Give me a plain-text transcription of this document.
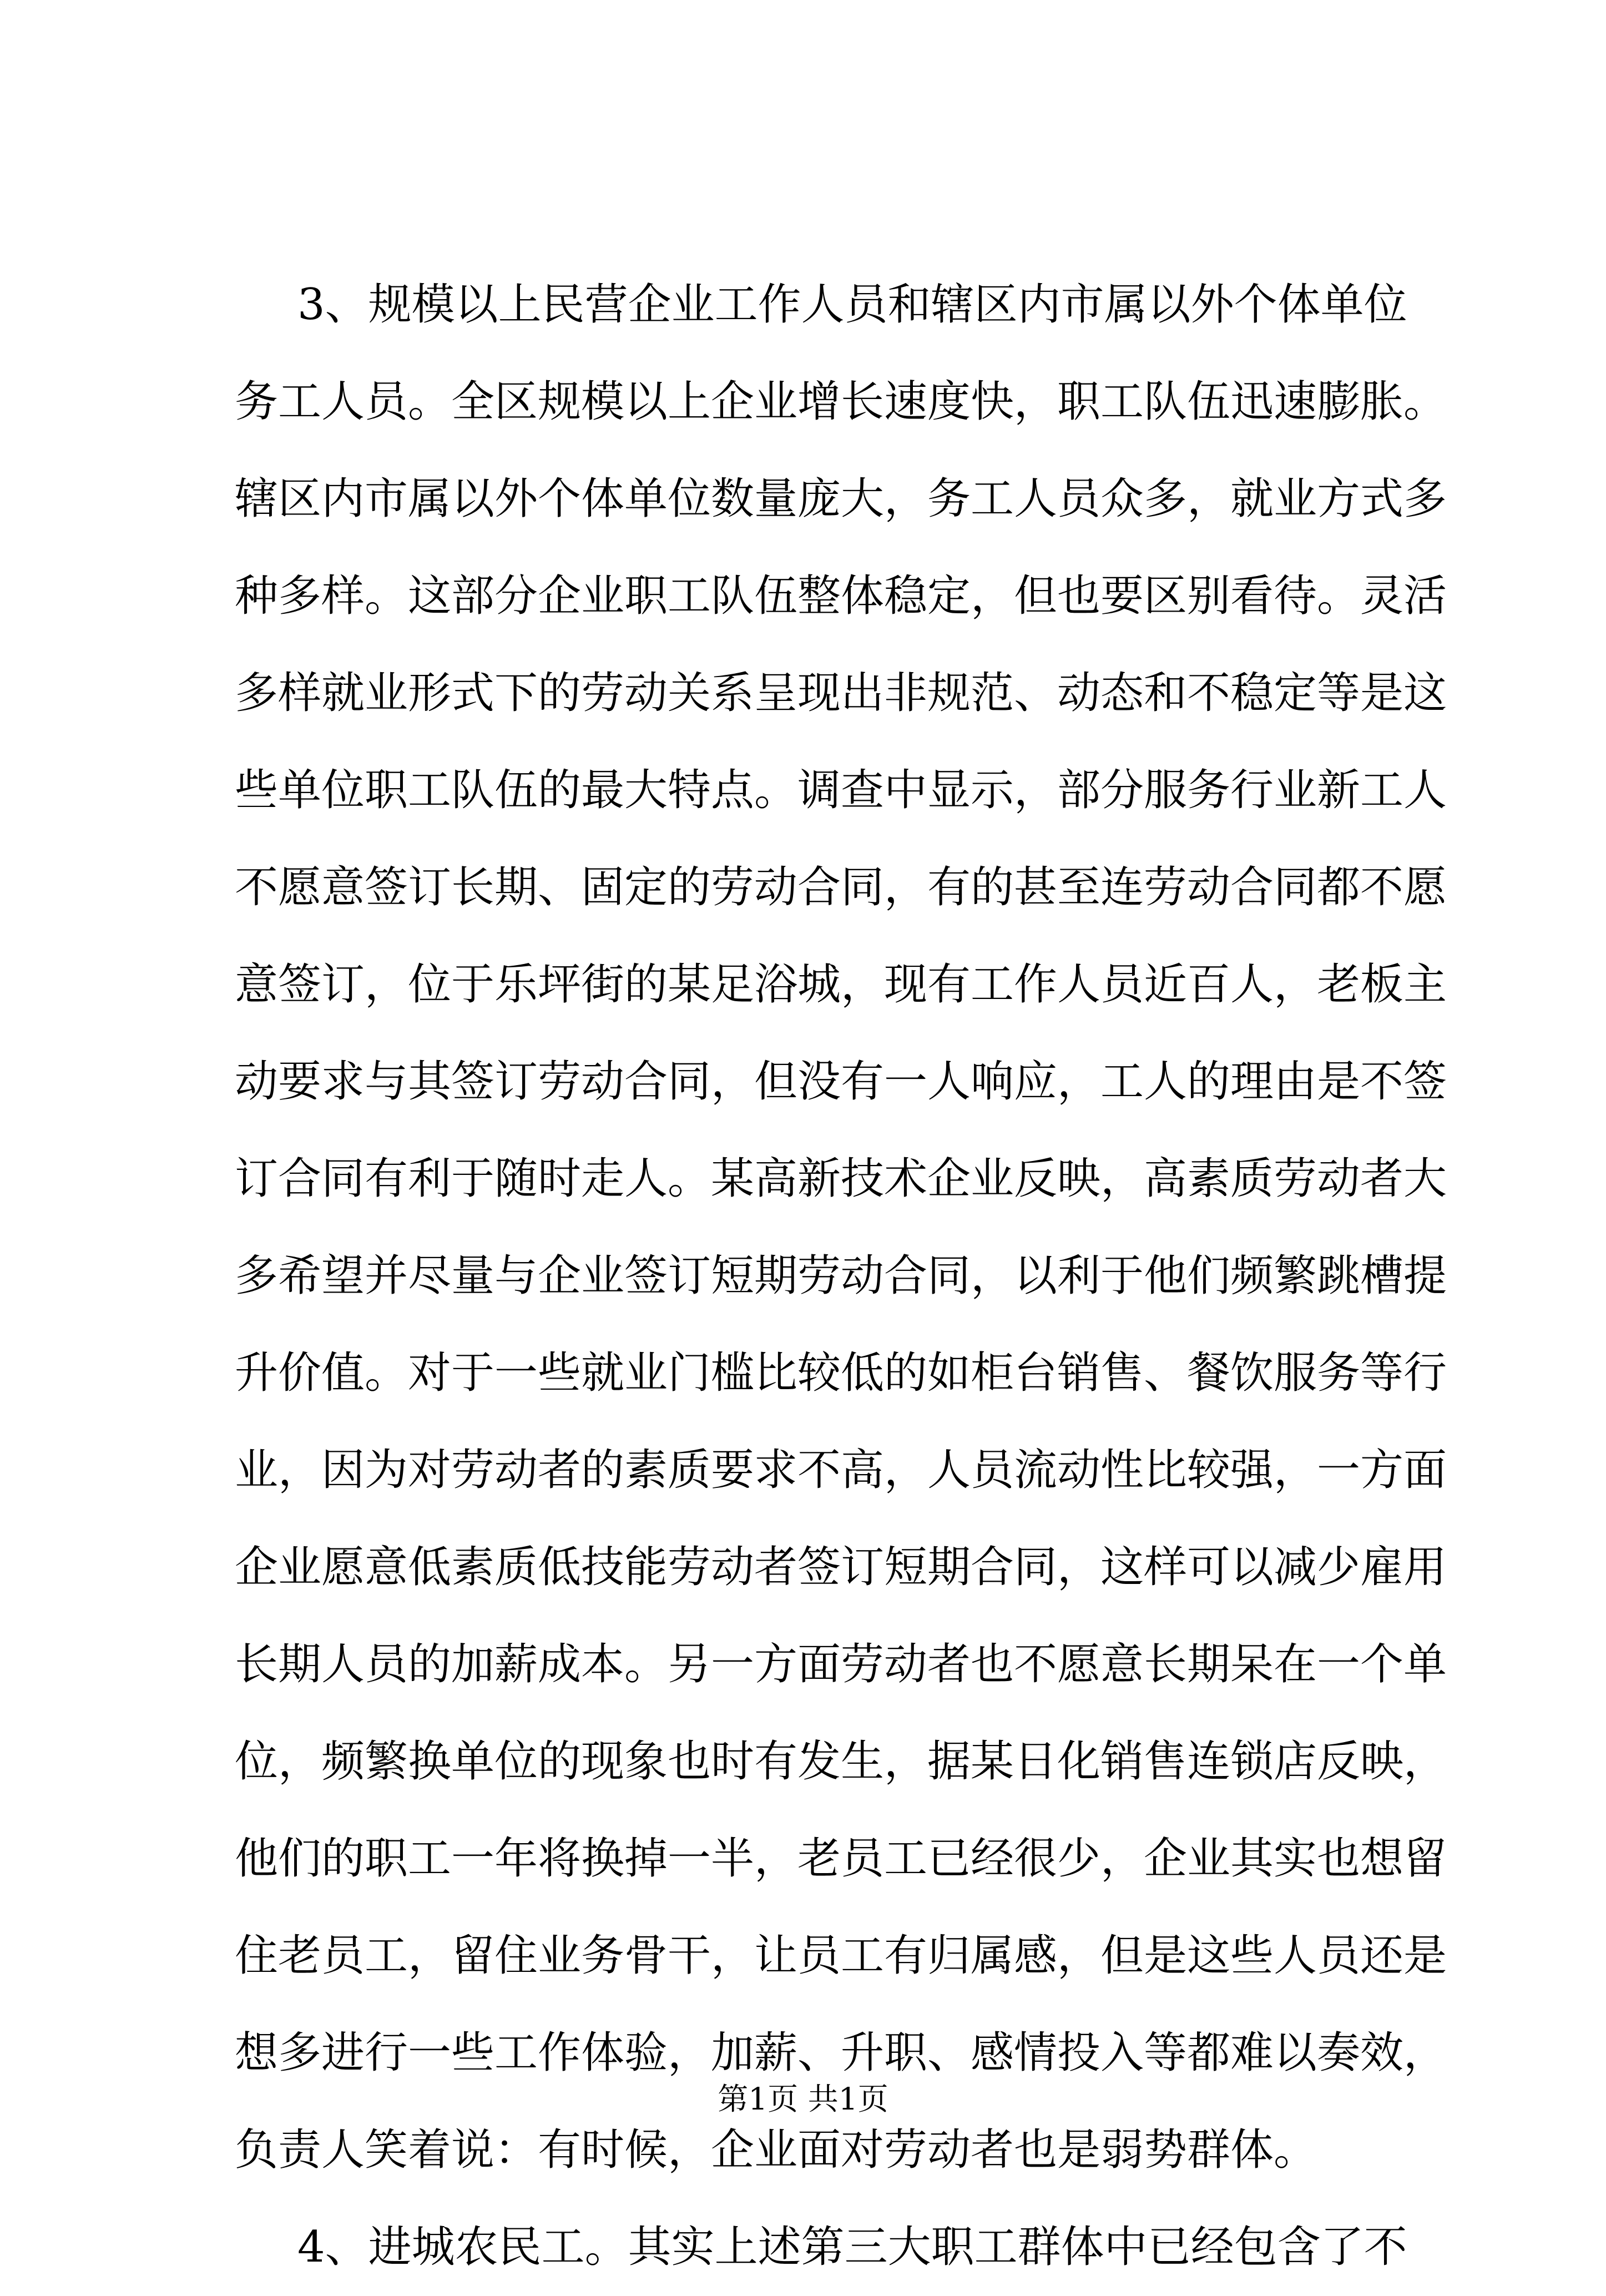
3、规模以上民营企业工作人员和辖区内市属以外个体单位
务工人员。全区规模以上企业增长速度快，职工队伍迅速膨胀。
辖区内市属以外个体单位数量庞大，务工人员众多，就业方式多
种多样。这部分企业职工队伍整体稳定，但也要区别看待。灵活
多样就业形式下的劳动关系呈现出非规范、动态和不稳定等是这
些单位职工队伍的最大特点。调查中显示，部分服务行业新工人
不愿意签订长期、固定的劳动合同，有的甚至连劳动合同都不愿
意签订，位于乐坪街的某足浴城，现有工作人员近百人，老板主
动要求与其签订劳动合同，但没有一人响应，工人的理由是不签
订合同有利于随时走人。某高新技术企业反映，高素质劳动者大
多希望并尽量与企业签订短期劳动合同，以利于他们频繁跳槽提
升价值。对于一些就业门槛比较低的如柜台销售、餐饮服务等行
业，因为对劳动者的素质要求不高，人员流动性比较强，一方面
企业愿意低素质低技能劳动者签订短期合同，这样可以减少雇用
长期人员的加薪成本。另一方面劳动者也不愿意长期呆在一个单
位，频繁换单位的现象也时有发生，据某日化销售连锁店反映，
他们的职工一年将换掉一半，老员工已经很少，企业其实也想留
住老员工，留住业务骨干，让员工有归属感，但是这些人员还是
想多进行一些工作体验，加薪、升职、感情投入等都难以奏效，
负责人笑着说：有时候，企业面对劳动者也是弱势群体。
4、进城农民工。其实上述第三大职工群体中已经包含了不
第1页 共1页
